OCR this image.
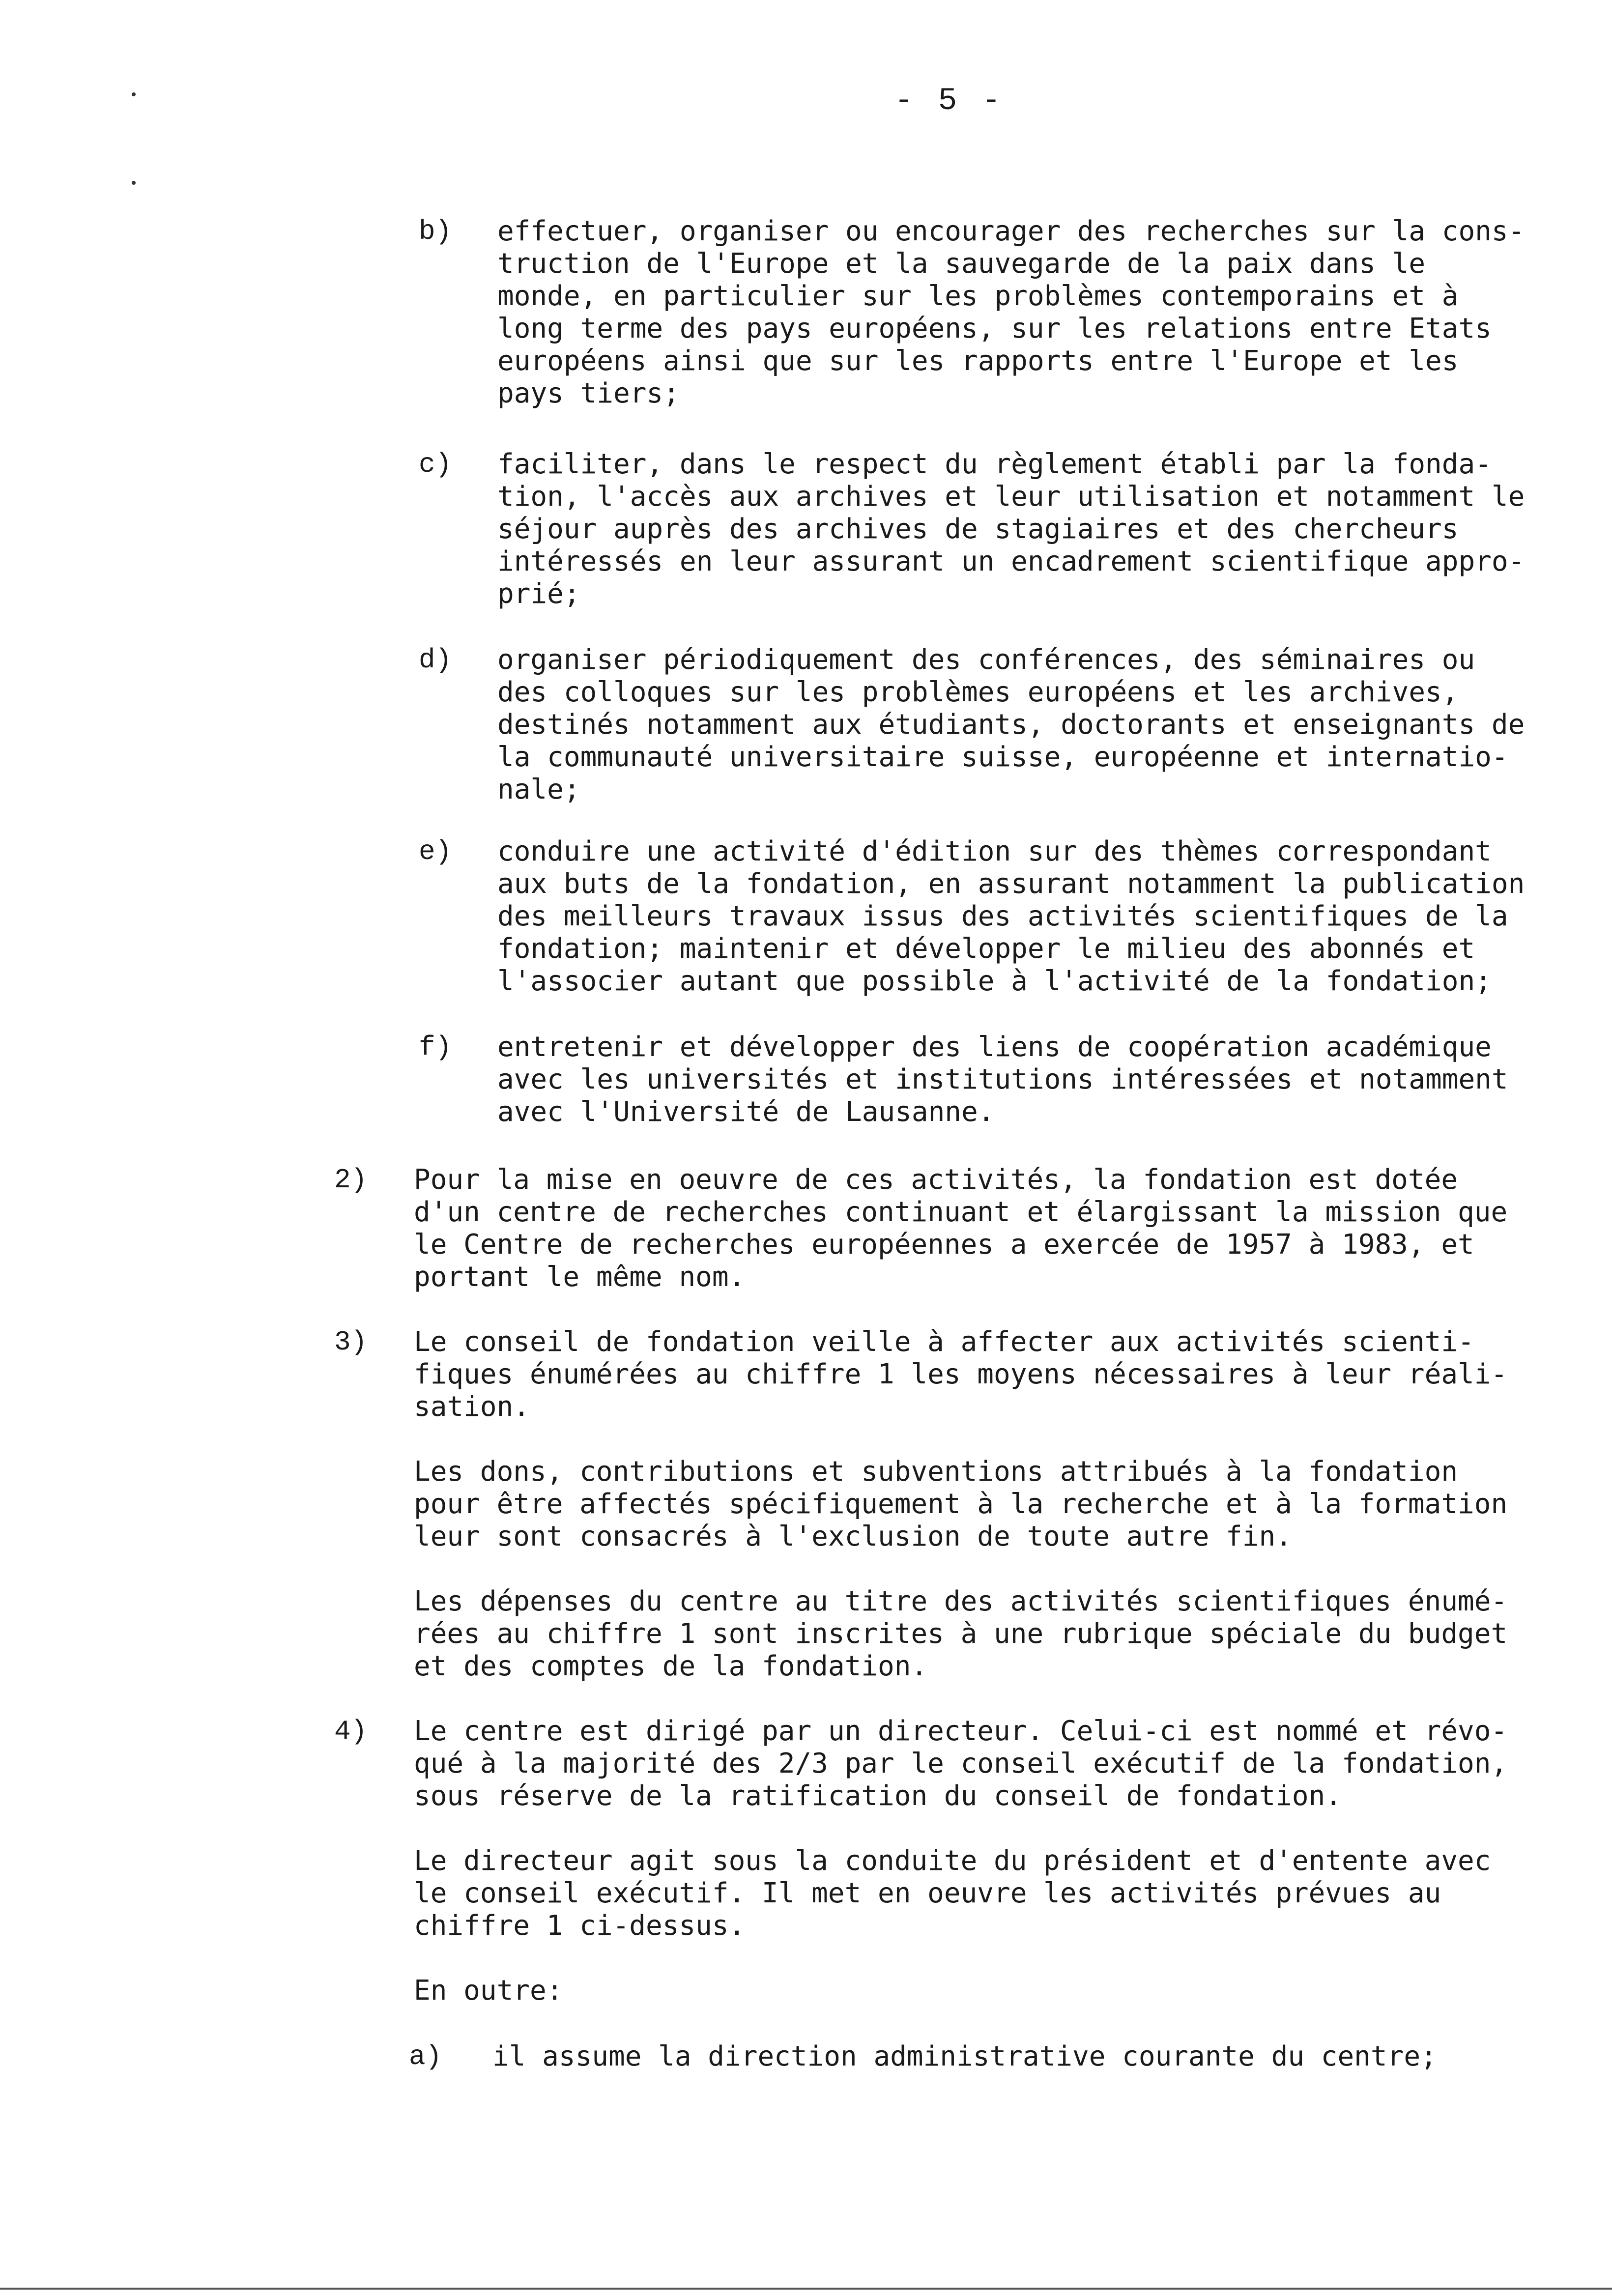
- 5 -
b) effectuer, organiser ou encourager des recherches sur la cons-
truction de l'Europe et la sauvegarde de la paix dans le
monde, en particulier sur les problèmes contemporains et à
long terme des pays européens, sur les relations entre Etats
européens ainsi que sur les rapports entre l'Europe et les
pays tiers;
c) faciliter, dans le respect du règlement établi par la fonda-
tion, l'accès aux archives et leur utilisation et notamment le
séjour auprès des archives de stagiaires et des chercheurs
intéressés en leur assurant un encadrement scientifique appro-
prié;
d) organiser périodiquement des conférences, des séminaires ou
des colloques sur les problèmes européens et les archives,
destinés notamment aux étudiants, doctorants et enseignants de
la communauté universitaire suisse, européenne et internatio-
nale;
e) conduire une activité d'édition sur des thèmes correspondant
aux buts de la fondation, en assurant notamment la publication
des meilleurs travaux issus des activités scientifiques de la
fondation; maintenir et développer le milieu des abonnés et
l'associer autant que possible à l'activité de la fondation;
f) entretenir et développer des liens de coopération académique
avec les universités et institutions intéressées et notamment
avec l'Université de Lausanne.
2) Pour la mise en oeuvre de ces activités, la fondation est dotée
d'un centre de recherches continuant et élargissant la mission que
le Centre de recherches européennes a exercée de 1957 à 1983, et
portant le même nom.
3) Le conseil de fondation veille à affecter aux activités scienti-
fiques énumérées au chiffre 1 les moyens nécessaires à leur réali-
sation.
Les dons, contributions et subventions attribués à la fondation
pour être affectés spécifiquement à la recherche et à la formation
leur sont consacrés à l'exclusion de toute autre fin.
Les dépenses du centre au titre des activités scientifiques énumé-
rées au chiffre 1 sont inscrites à une rubrique spéciale du budget
et des comptes de la fondation.
4) Le centre est dirigé par un directeur. Celui-ci est nommé et révo-
qué à la majorité des 2/3 par le conseil exécutif de la fondation,
sous réserve de la ratification du conseil de fondation.
Le directeur agit sous la conduite du président et d'entente avec
le conseil exécutif. Il met en oeuvre les activités prévues au
chiffre 1 ci-dessus.
En outre:
a) il assume la direction administrative courante du centre;
